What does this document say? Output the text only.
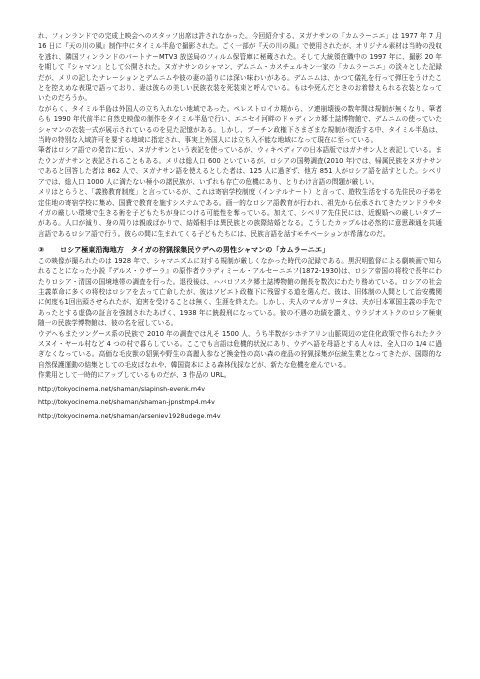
れ、フィンランドでの完成上映会へのスタッフ出席は許されなかった。今回紹介する、ヌガナサンの「カムラーニエ」は 1977 年 7 月 16 日に『天の川の風』制作中にタイミル半島で撮影された。ごく一部が『天の川の風』で使用されたが、オリジナル素材は当時の没収を逃れ、隣国フィンランドのパートナーMTV3 放送局のフィルム保管庫に秘蔵された。そして大統領在職中の 1997 年に、撮影 20 年を期して『シャマン』として公開された。ヌガナサンのシャマン、デムニム・カスチェルキン一家の「カムラーニエ」の淡々とした記録だが、メリの記したナレーションとデムニムや彼の妻の語りには深い味わいがある。デムニムは、かつて儀礼を行って弾圧をうけたことを控えめな表現で語っており、妻は彼らの美しい民族衣装を死装束と呼んでいる。もはや死んだときのお着替えられる衣装となっていたのだろうか。

ながらく、タイミル半島は外国人の立ち入れない地域であった。ペレストロイカ期から、ソ連崩壊後の数年間は規制が無くなり、筆者らも 1990 年代前半に自然史映像の制作をタイミル半島で行い、エニセイ河畔のドゥディンカ郷土誌博物館で、デムニムの使っていたシャマンの衣装一式が展示されているのを見た記憶がある。しかし、プーチン政権下さまざまな規制が復活する中、タイミル半島は、当時の特別な入域許可を要する地域に指定され、事実上外国人には立ち入不能な地域になって現在に至っている。

筆者はロシア語での発音に近い、ヌガナサンという表記を使っているが、ウィキペディアの日本語版ではガナサン人と表記している。またウンガナサンと表記されることもある。メリは総人口 600 といているが、ロシアの国勢調査(2010 年)では、帰属民族をヌガナサンであると回答した者は 862 人で、ヌガナサン語を使えるとした者は、125 人に過ぎず、他方 851 人がロシア語を話すとした。シベリアでは、総人口 1000 人に満たない極小の諸民族が、いずれも存亡の危機にあり、とりわけ言語の問題が厳しい。

メリはとらうと、「義務教育制度」と言っているが、これは寄宿学校制度（インテルナート）と言って、遊牧生活をする先住民の子弟を定住地の寄宿学校に集め、国費で教育を施すシステムである。画一的なロシア語教育が行われ、祖先から伝承されてきたツンドラやタイガの厳しい環境で生きる術を子どもたちが身につける可能性を奪っている。加えて、シベリア先住民には、近親婚への厳しいタブーがある。人口が減り、身の周りは親戚ばかりで、結婚相手は異民族との族際結婚となる。こうしたカップルは必然的に意思疎通を共通言語であるロシア語で行う。彼らの間に生まれてくる子どもたちには、民族言語を話すモチベーションが希薄なのだ。

③ ロシア極東沿海地方　タイガの狩猟採集民ウデヘの男性シャマンの「カムラーニエ」

この映像が撮られたのは 1928 年で、シャマニズムに対する規制が厳しくなかった時代の記録である。黒沢明監督による劇映画で知られることになった小説『デルス・ウザーラ』の原作者ウラディミール・アルセーニエフ(1872-1930)は、ロシア帝国の将校で長年にわたりロシア・清国の国境地帯の調査を行った。退役後は、ハバロフスク郷土誌博物館の館長を数次にわたり務めている。ロシアの社会主義革命に多くの将校はロシアを去って亡命したが、彼はソビエト政権下に残留する道を選んだ。彼は、旧体制の人間として治安機関に何度も1回出頭させられたが、迫害を受けることは無く、生涯を終えた。しかし、夫人のマルガリータは、夫が日本軍国主義の手先であったとする虚偽の証言を強制されたあげく、1938 年に銃殺刑になっている。彼の不遇の功績を讃え、ウラジオストクのロシア極東随一の民族学博物館は、彼の名を冠している。

ウデヘもまたツングース系の民族で 2010 年の調査では凡そ 1500 人、うち半数がシホテアリン山脈周辺の定住化政策で作られたクラスヌイ・ヤール村など 4 つの村で暮らしている。ここでも言語は危機的状況にあり、ウデヘ語を母語とする人々は、全人口の 1/4 に過ぎなくなっている。高価な毛皮獣の貂猟や野生の高麗人参など換金性の高い森の産品の狩猟採集が伝統生業となってきたが、国際的な自然保護運動の結集としての毛皮ばなれや、韓国資本による森林伐採などが、新たな危機を産んでいる。

作業用として一時的にアップしているものだが、3 作品の URL。

http://tokyocinema.net/shaman/slapinsh-evenk.m4v

http://tokyocinema.net/shaman/shaman-jpnstmp4.m4v

http://tokyocinema.net/shaman/arseniev1928udege.m4v
